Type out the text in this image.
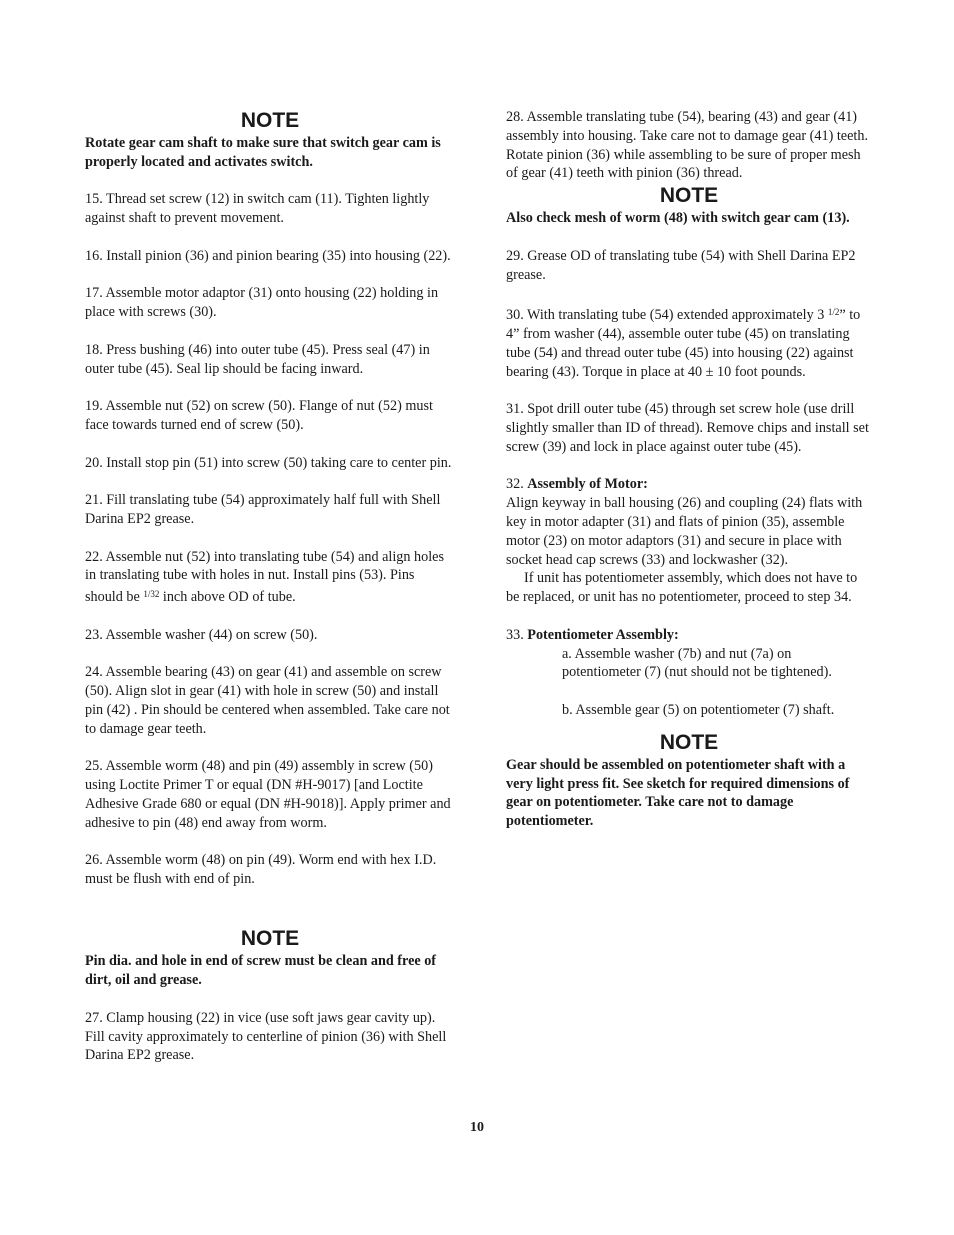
NOTE

Rotate gear cam shaft to make sure that switch gear cam is properly located and activates switch.

15. Thread set screw (12) in switch cam (11). Tighten lightly against shaft to prevent movement.

16. Install pinion (36) and pinion bearing (35) into housing (22).

17. Assemble motor adaptor (31) onto housing (22) holding in place with screws (30).

18. Press bushing (46) into outer tube (45). Press seal (47) in outer tube (45). Seal lip should be facing inward.

19. Assemble nut (52) on screw (50). Flange of nut (52) must face towards turned end of screw (50).

20. Install stop pin (51) into screw (50) taking care to center pin.

21. Fill translating tube (54) approximately half full with Shell Darina EP2 grease.

22. Assemble nut (52) into translating tube (54) and align holes in translating tube with holes in nut. Install pins (53). Pins should be $^{1/32}$ inch above OD of tube.

23. Assemble washer (44) on screw (50).

24. Assemble bearing (43) on gear (41) and assemble on screw (50). Align slot in gear (41) with hole in screw (50) and install pin (42) . Pin should be centered when assembled. Take care not to damage gear teeth.

25. Assemble worm (48) and pin (49) assembly in screw (50) using Loctite Primer T or equal (DN #H-9017) [and Loctite Adhesive Grade 680 or equal (DN #H-9018)]. Apply primer and adhesive to pin (48) end away from worm.

26. Assemble worm (48) on pin (49). Worm end with hex I.D. must be flush with end of pin.

NOTE

Pin dia. and hole in end of screw must be clean and free of dirt, oil and grease.

27. Clamp housing (22) in vice (use soft jaws gear cavity up). Fill cavity approximately to centerline of pinion (36) with Shell Darina EP2 grease.

28. Assemble translating tube (54), bearing (43) and gear (41) assembly into housing. Take care not to damage gear (41) teeth. Rotate pinion (36) while assembling to be sure of proper mesh of gear (41) teeth with pinion (36) thread.

NOTE

Also check mesh of worm (48) with switch gear cam (13).

29. Grease OD of translating tube (54) with Shell Darina EP2 grease.

30. With translating tube (54) extended approximately 3 $^{1/2}$” to 4” from washer (44), assemble outer tube (45) on translating tube (54) and thread outer tube (45) into housing (22) against bearing (43). Torque in place at 40 ± 10 foot pounds.

31. Spot drill outer tube (45) through set screw hole (use drill slightly smaller than ID of thread). Remove chips and install set screw (39) and lock in place against outer tube (45).

32. Assembly of Motor:

Align keyway in ball housing (26) and coupling (24) flats with key in motor adapter (31) and flats of pinion (35), assemble motor (23) on motor adaptors (31) and secure in place with socket head cap screws (33) and lockwasher (32).

If unit has potentiometer assembly, which does not have to be replaced, or unit has no potentiometer, proceed to step 34.

33. Potentiometer Assembly:

a. Assemble washer (7b) and nut (7a) on potentiometer (7) (nut should not be tightened).

b. Assemble gear (5) on potentiometer (7) shaft.

NOTE

Gear should be assembled on potentiometer shaft with a very light press fit. See sketch for required dimensions of gear on potentiometer. Take care not to damage potentiometer.

10
